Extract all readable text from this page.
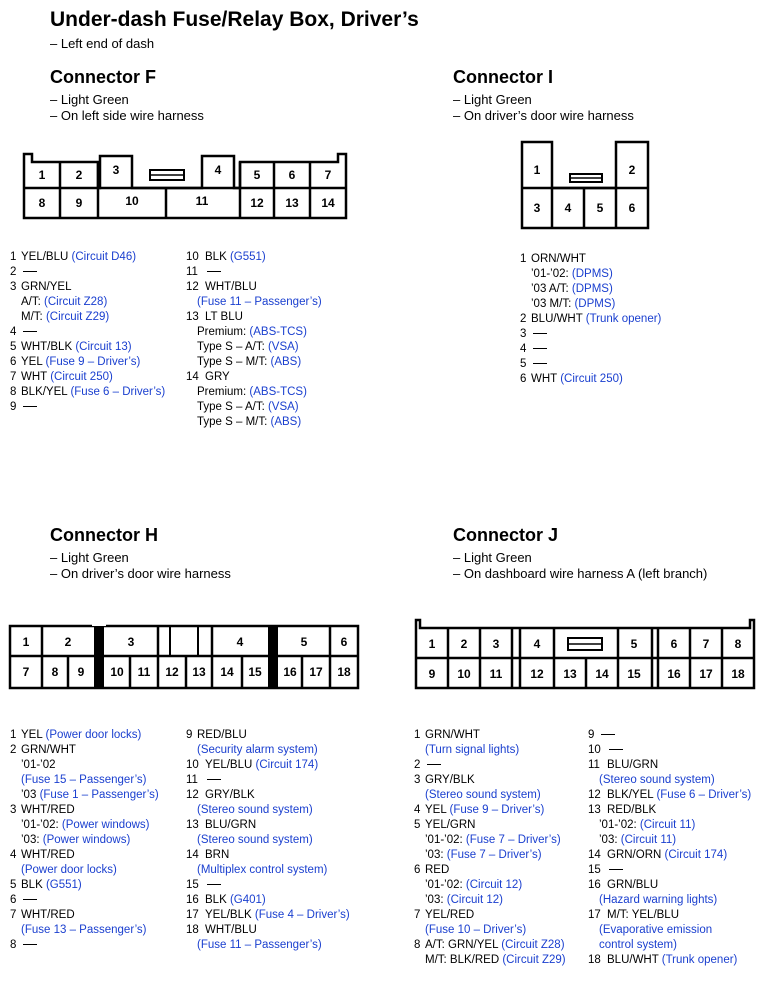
Under-dash Fuse/Relay Box, Driver’s
– Left end of dash
Connector F
– Light Green
– On left side wire harness
Connector I
– Light Green
– On driver’s door wire harness
Connector H
– Light Green
– On driver’s door wire harness
Connector J
– Light Green
– On dashboard wire harness A (left branch)
1	2	3	4	5 6 7
8	9	10	11	12 13 14
1	2
3 4 5 6
1	2	3	4	5	6
7 8 9 10 11 12 13 14 15 16 17 18
1 2 3	4	5	6 7 8
9 10 11 12 13 14 15 16 17 18
1 YEL/BLU (Circuit D46)
2
3 GRN/YEL
A/T: (Circuit Z28)
M/T: (Circuit Z29)
4
5 WHT/BLK (Circuit 13)
6 YEL (Fuse 9 – Driver’s)
7 WHT (Circuit 250)
8 BLK/YEL (Fuse 6 – Driver’s)
9
10 BLK (G551)
11
12 WHT/BLU
(Fuse 11 – Passenger’s)
13 LT BLU
Premium: (ABS-TCS)
Type S – A/T: (VSA)
Type S – M/T: (ABS)
14 GRY
Premium: (ABS-TCS)
Type S – A/T: (VSA)
Type S – M/T: (ABS)
1 ORN/WHT
’01-’02: (DPMS)
’03 A/T: (DPMS)
’03 M/T: (DPMS)
2 BLU/WHT (Trunk opener)
3
4
5
6 WHT (Circuit 250)
1 YEL (Power door locks)
2 GRN/WHT
’01-’02
(Fuse 15 – Passenger’s)
’03 (Fuse 1 – Passenger’s)
3 WHT/RED
’01-’02: (Power windows)
’03: (Power windows)
4 WHT/RED
(Power door locks)
5 BLK (G551)
6
7 WHT/RED
(Fuse 13 – Passenger’s)
8
9 RED/BLU
(Security alarm system)
10 YEL/BLU (Circuit 174)
11
12 GRY/BLK
(Stereo sound system)
13 BLU/GRN
(Stereo sound system)
14 BRN
(Multiplex control system)
15
16 BLK (G401)
17 YEL/BLK (Fuse 4 – Driver’s)
18 WHT/BLU
(Fuse 11 – Passenger’s)
1 GRN/WHT
(Turn signal lights)
2
3 GRY/BLK
(Stereo sound system)
4 YEL (Fuse 9 – Driver’s)
5 YEL/GRN
’01-’02: (Fuse 7 – Driver’s)
’03: (Fuse 7 – Driver’s)
6 RED
’01-’02: (Circuit 12)
’03: (Circuit 12)
7 YEL/RED
(Fuse 10 – Driver’s)
8 A/T: GRN/YEL (Circuit Z28)
M/T: BLK/RED (Circuit Z29)
9
10
11 BLU/GRN
(Stereo sound system)
12 BLK/YEL (Fuse 6 – Driver’s)
13 RED/BLK
’01-’02: (Circuit 11)
’03: (Circuit 11)
14 GRN/ORN (Circuit 174)
15
16 GRN/BLU
(Hazard warning lights)
17 M/T: YEL/BLU
(Evaporative emission
control system)
18 BLU/WHT (Trunk opener)
